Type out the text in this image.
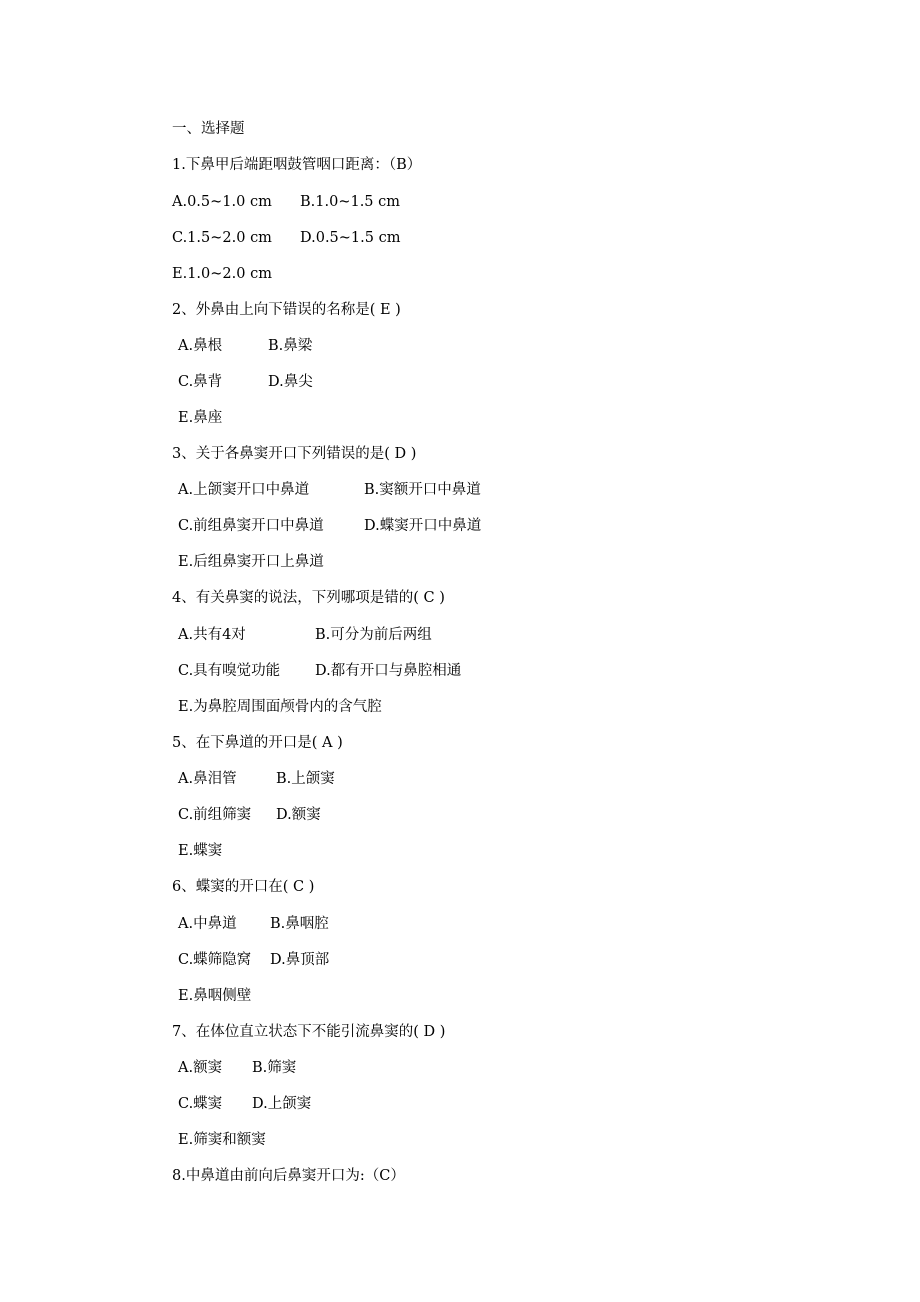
一、选择题
1.下鼻甲后端距咽鼓管咽口距离：（B）
A.0.5~1.0 cm B.1.0~1.5 cm
C.1.5~2.0 cm D.0.5~1.5 cm
E.1.0~2.0 cm
2、外鼻由上向下错误的名称是( E )
A.鼻根	B.鼻梁
C.鼻背	D.鼻尖
E.鼻座
3、关于各鼻窦开口下列错误的是( D )
A.上颌窦开口中鼻道	B.窦额开口中鼻道
C.前组鼻窦开口中鼻道	D.蝶窦开口中鼻道
E.后组鼻窦开口上鼻道
4、有关鼻窦的说法，下列哪项是错的( C )
A.共有4对	B.可分为前后两组
C.具有嗅觉功能 D.都有开口与鼻腔相通
E.为鼻腔周围面颅骨内的含气腔
5、在下鼻道的开口是( A )
A.鼻泪管	B.上颌窦
C.前组筛窦 D.额窦
E.蝶窦
6、蝶窦的开口在( C )
A.中鼻道 B.鼻咽腔
C.蝶筛隐窝 D.鼻顶部
E.鼻咽侧壁
7、在体位直立状态下不能引流鼻窦的( D )
A.额窦 B.筛窦
C.蝶窦 D.上颌窦
E.筛窦和额窦
8.中鼻道由前向后鼻窦开口为:（C）
